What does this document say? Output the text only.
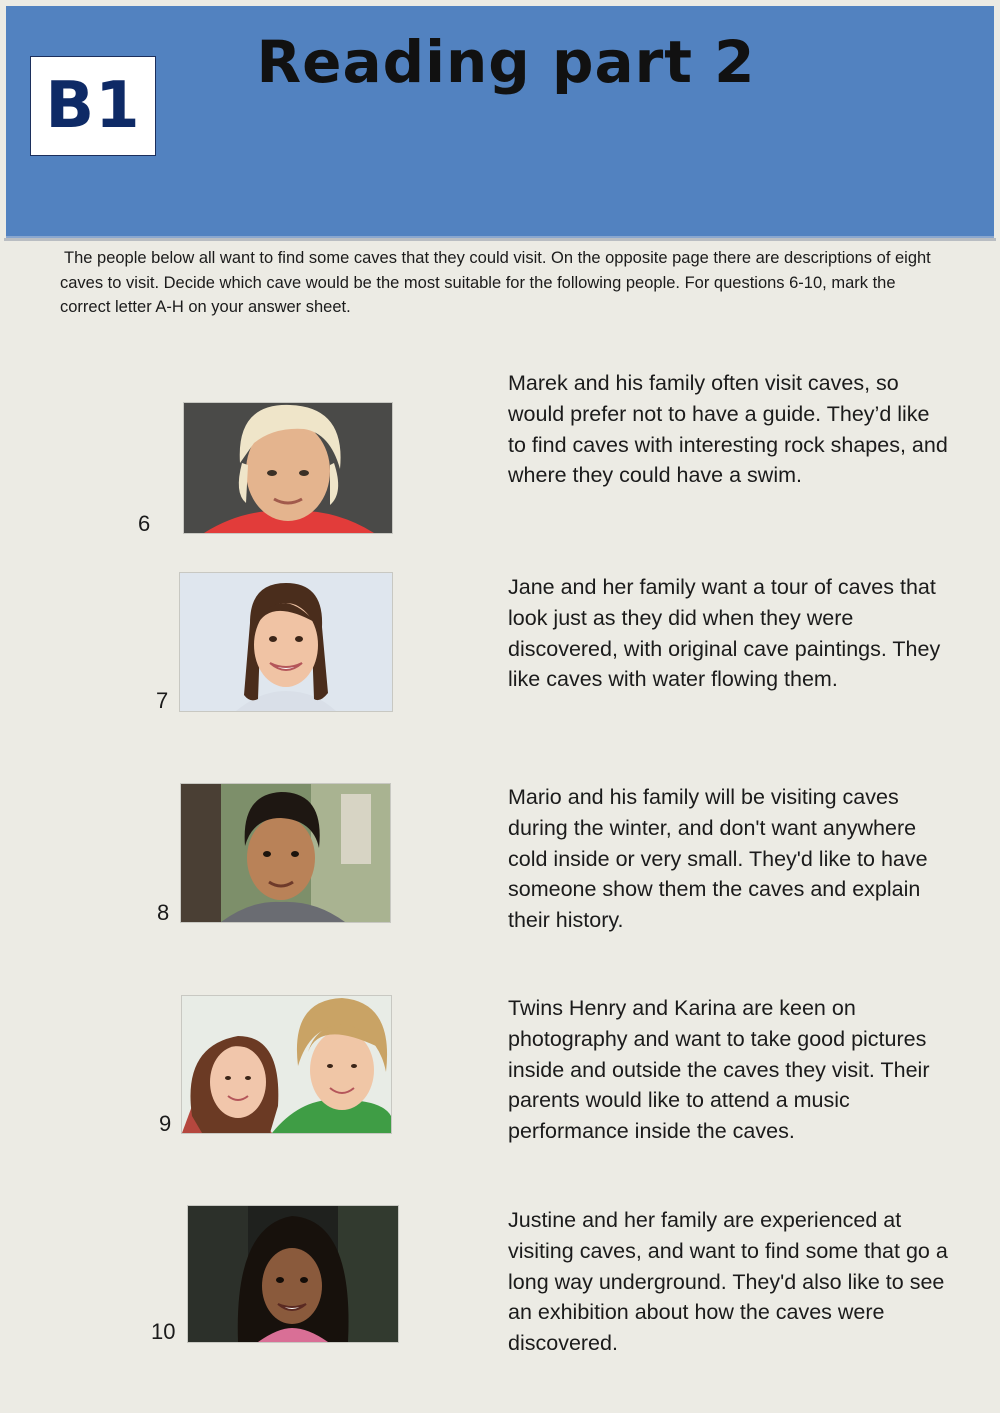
B1
Reading part 2
The people below all want to find some caves that they could visit. On the opposite page there are descriptions of eight caves to visit. Decide which cave would be the most suitable for the following people. For questions 6-10, mark the correct letter A-H on your answer sheet.
6
Marek and his family often visit caves, so would prefer not to have a guide. They’d like to find caves with interesting rock shapes, and where they could have a swim.
7
Jane and her family want a tour of caves that look just as they did when they were discovered, with original cave paintings. They like caves with water flowing them.
8
Mario and his family will be visiting caves during the winter, and don't want anywhere cold inside or very small. They'd like to have someone show them the caves and explain their history.
9
Twins Henry and Karina are keen on photography and want to take good pictures inside and outside the caves they visit. Their parents would like to attend a music performance inside the caves.
10
Justine and her family are experienced at visiting caves, and want to find some that go a long way underground. They'd also like to see an exhibition about how the caves were discovered.
